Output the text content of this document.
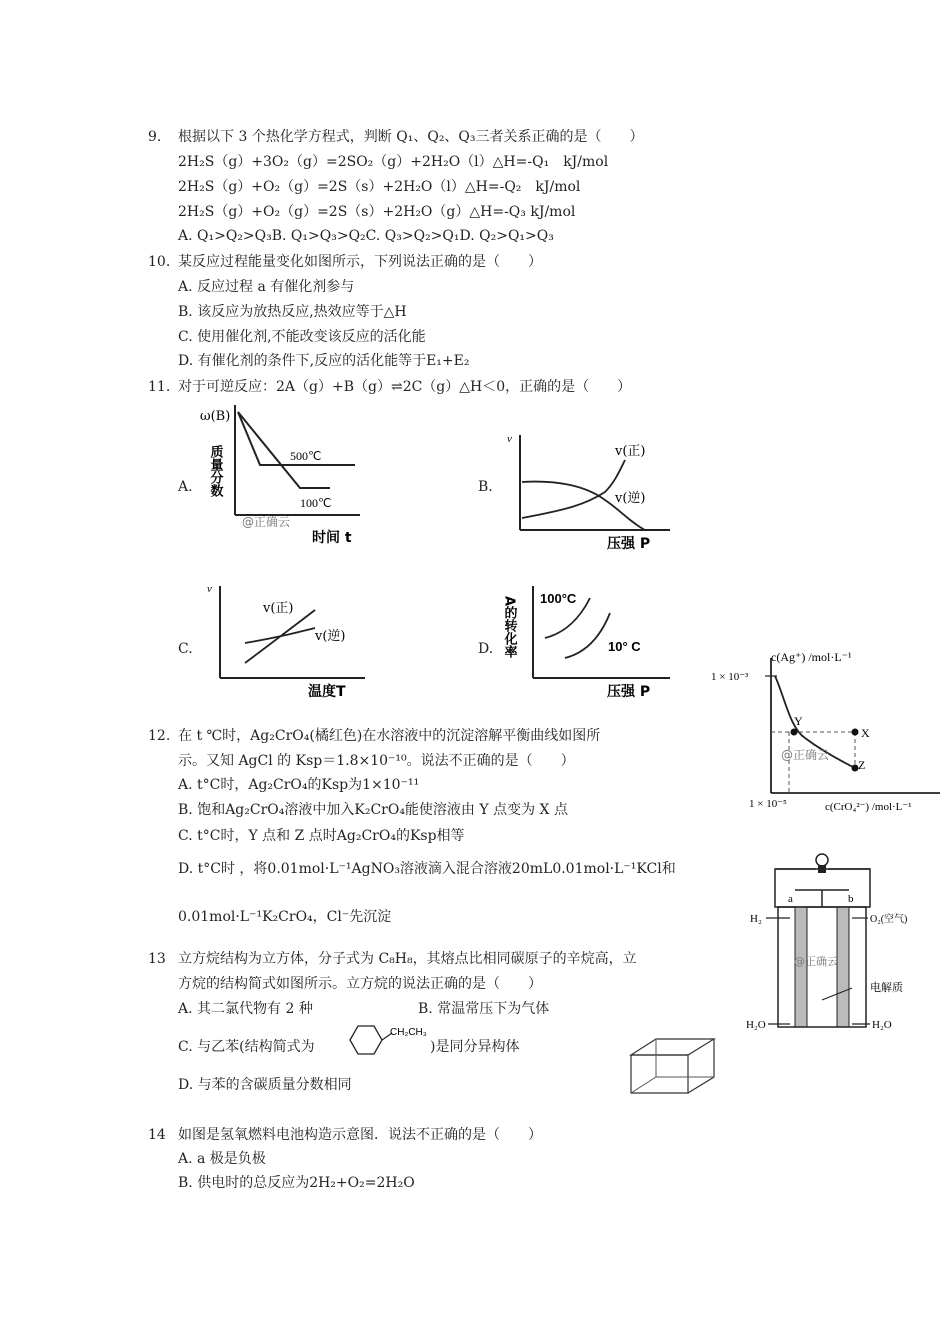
9. 根据以下 3 个热化学方程式，判断 Q₁、Q₂、Q₃三者关系正确的是（　　）
2H₂S（g）+3O₂（g）=2SO₂（g）+2H₂O（l）△H=-Q₁　kJ/mol
2H₂S（g）+O₂（g）=2S（s）+2H₂O（l）△H=-Q₂　kJ/mol
2H₂S（g）+O₂（g）=2S（s）+2H₂O（g）△H=-Q₃ kJ/mol
A. Q₁>Q₂>Q₃B. Q₁>Q₃>Q₂C. Q₃>Q₂>Q₁D. Q₂>Q₁>Q₃
10. 某反应过程能量变化如图所示，下列说法正确的是（　　）
A. 反应过程 a 有催化剂参与
B. 该反应为放热反应,热效应等于△H
C. 使用催化剂,不能改变该反应的活化能
D. 有催化剂的条件下,反应的活化能等于E₁+E₂
11. 对于可逆反应：2A（g）+B（g）⇌2C（g）△H＜0，正确的是（　　）
A.	B.
C.	D.
ω(B)
质量分数	500℃
100℃
@正确云
时间 t
v
v(正)
v(逆)
压强 P
v
v(正)
v(逆)
温度T
A的转化率 100°C
10° C
压强 P
c(Ag⁺) /mol·L⁻¹
1 × 10⁻³
Y
X
Z
@正确云
1 × 10⁻⁵	c(CrO₄²⁻) /mol·L⁻¹
12. 在 t ℃时，Ag₂CrO₄(橘红色)在水溶液中的沉淀溶解平衡曲线如图所
示。又知 AgCl 的 Ksp＝1.8×10⁻¹⁰。说法不正确的是（　　）
A. t°C时，Ag₂CrO₄的Ksp为1×10⁻¹¹
B. 饱和Ag₂CrO₄溶液中加入K₂CrO₄能使溶液由 Y 点变为 X 点
C. t°C时，Y 点和 Z 点时Ag₂CrO₄的Ksp相等
D. t°C时 ，将0.01mol·L⁻¹AgNO₃溶液滴入混合溶液20mL0.01mol·L⁻¹KCl和
0.01mol·L⁻¹K₂CrO₄，Cl⁻先沉淀
a	b
H₂	O₂(空气)
@正确云
电解质
H₂O	H₂O
13 立方烷结构为立方体，分子式为 C₈H₈，其熔点比相同碳原子的辛烷高，立
方烷的结构简式如图所示。立方烷的说法正确的是（　　）
A. 其二氯代物有 2 种	B. 常温常压下为气体
C. 与乙苯(结构简式为
CH₂CH₃
)是同分异构体
D. 与苯的含碳质量分数相同
14 如图是氢氧燃料电池构造示意图．说法不正确的是（　　）
A. a 极是负极
B. 供电时的总反应为2H₂+O₂=2H₂O
